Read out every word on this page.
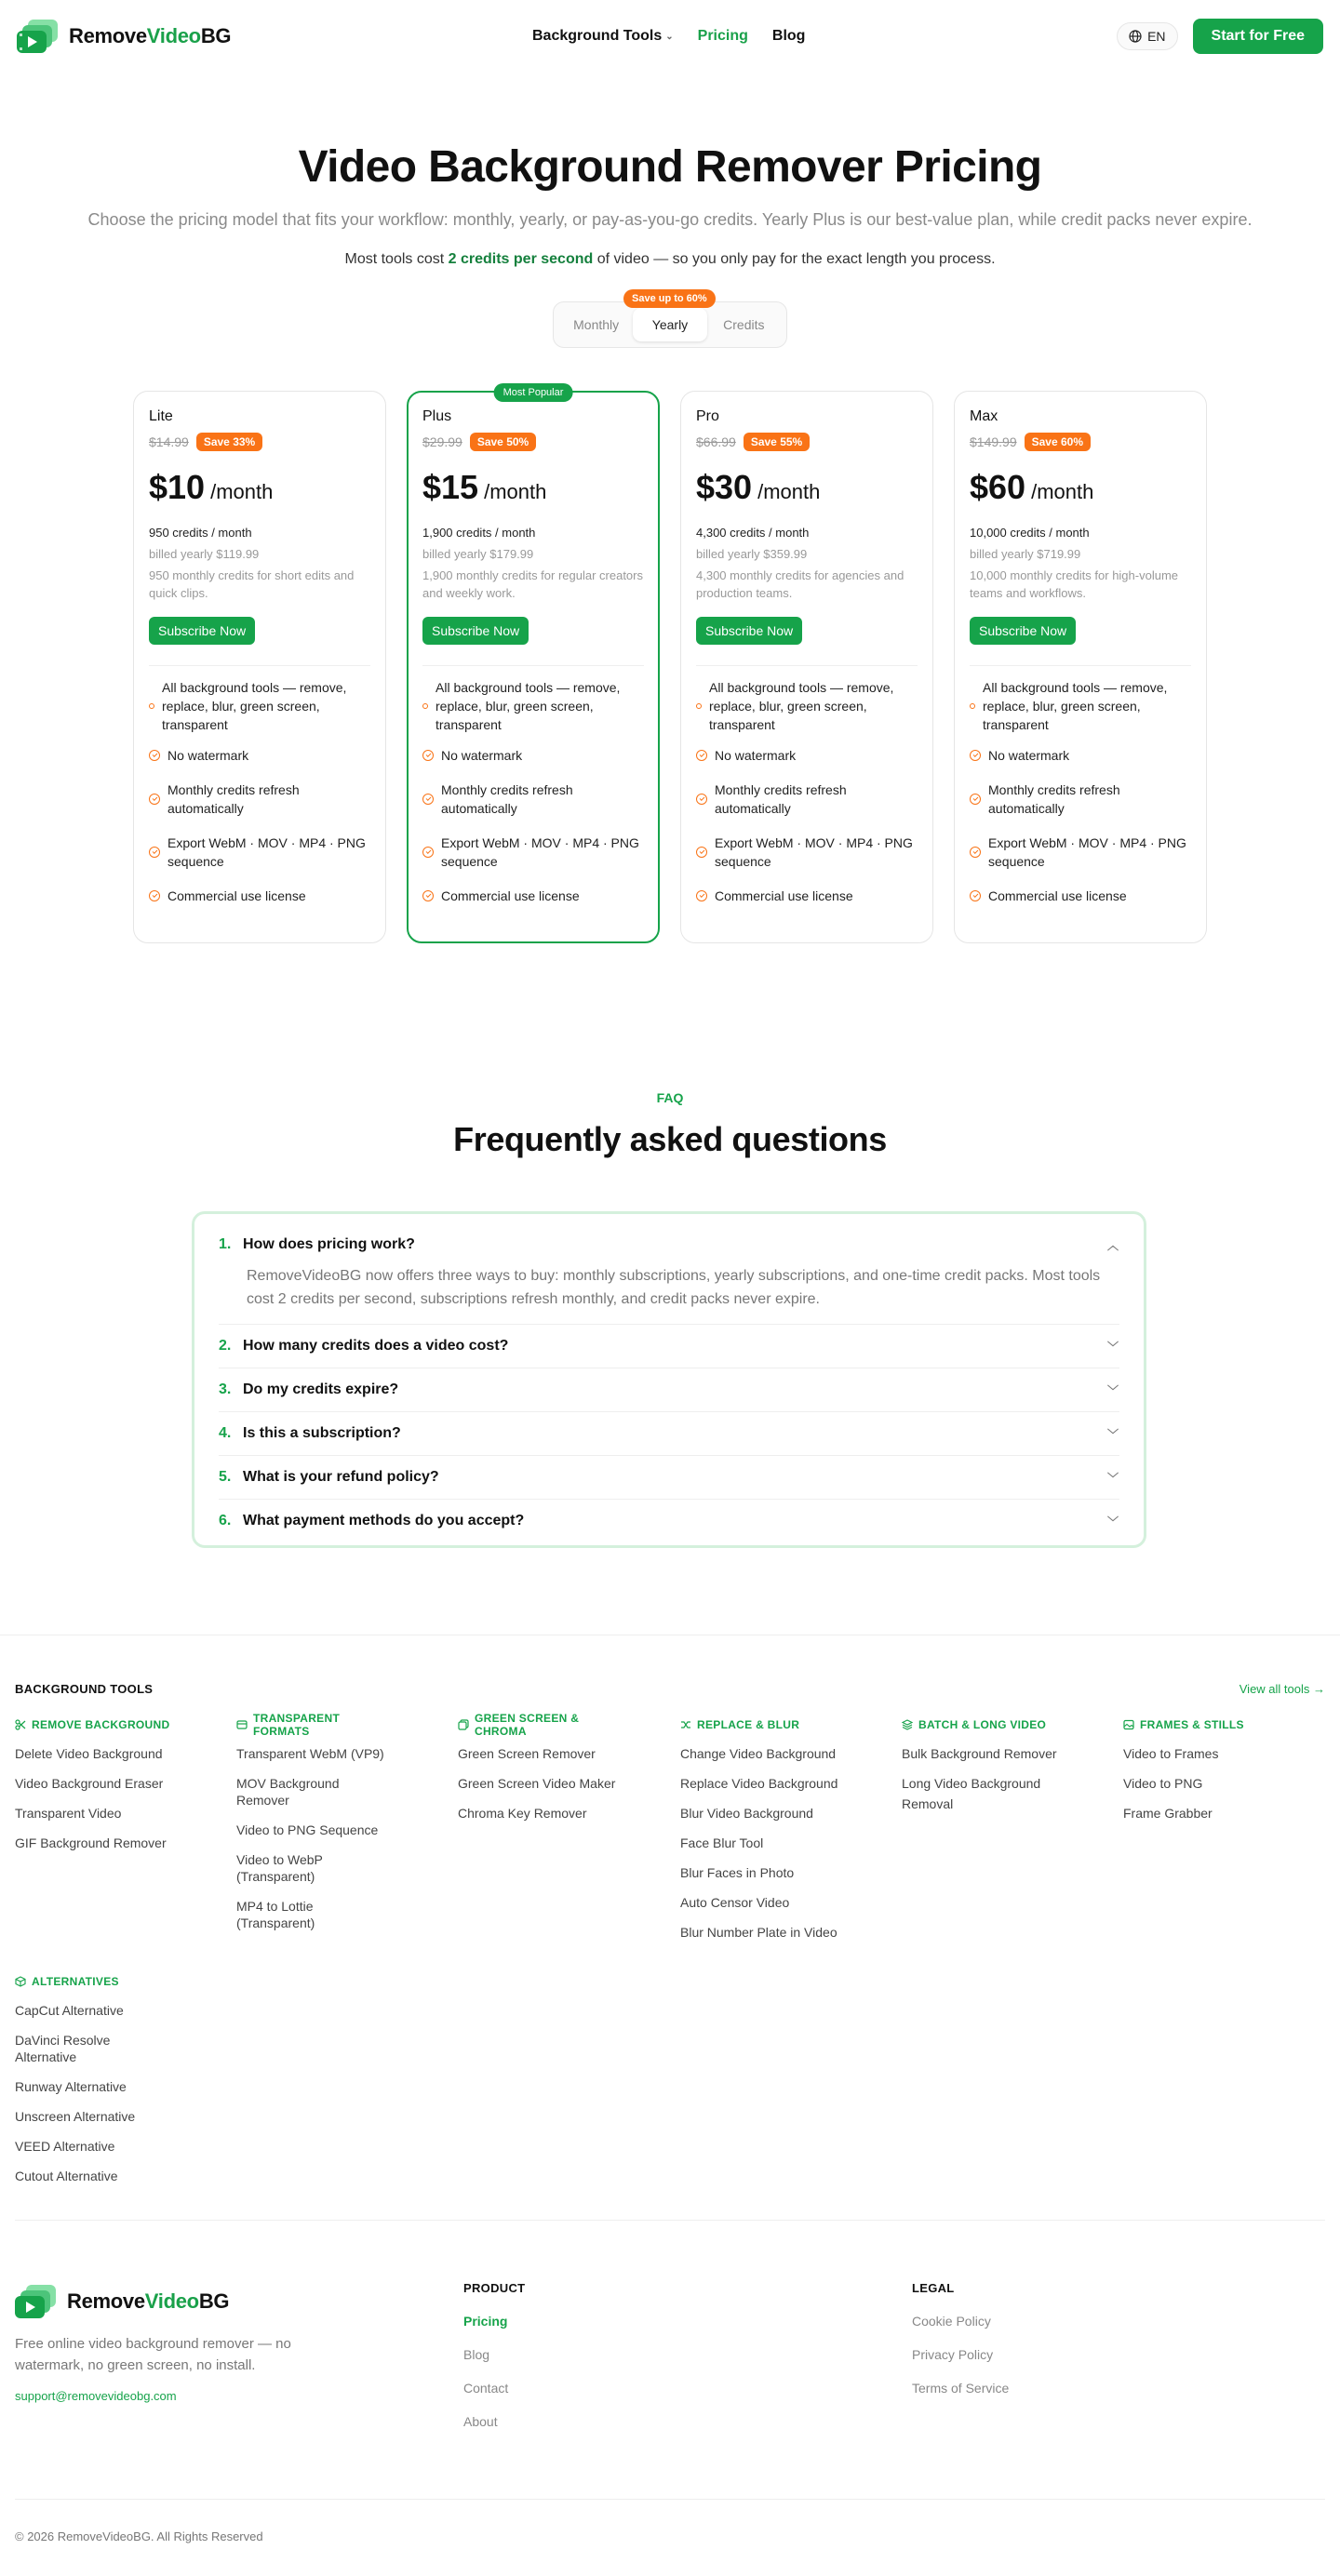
RemoveVideoBG	Background Tools ⌄ Pricing Blog	EN	Start for Free
Video Background Remover Pricing

Choose the pricing model that fits your workflow: monthly, yearly, or pay-as-you-go credits. Yearly Plus is our best-value plan, while credit packs never expire.

Most tools cost 2 credits per second of video — so you only pay for the exact length you process.

Monthly	Yearly	Credits
Save up to 60%
Lite
$14.99	Save 33%
$10 /month
950 credits / month
billed yearly $119.99
950 monthly credits for short edits and quick clips.
Subscribe Now
All background tools — remove, replace, blur, green screen, transparent
No watermark
Monthly credits refresh automatically
Export WebM · MOV · MP4 · PNG sequence
Commercial use license
Most Popular
Plus
$29.99	Save 50%
$15 /month
1,900 credits / month
billed yearly $179.99
1,900 monthly credits for regular creators and weekly work.
Subscribe Now
All background tools — remove, replace, blur, green screen, transparent
No watermark
Monthly credits refresh automatically
Export WebM · MOV · MP4 · PNG sequence
Commercial use license
Pro
$66.99	Save 55%
$30 /month
4,300 credits / month
billed yearly $359.99
4,300 monthly credits for agencies and production teams.
Subscribe Now
All background tools — remove, replace, blur, green screen, transparent
No watermark
Monthly credits refresh automatically
Export WebM · MOV · MP4 · PNG sequence
Commercial use license
Max
$149.99	Save 60%
$60 /month
10,000 credits / month
billed yearly $719.99
10,000 monthly credits for high-volume teams and workflows.
Subscribe Now
All background tools — remove, replace, blur, green screen, transparent
No watermark
Monthly credits refresh automatically
Export WebM · MOV · MP4 · PNG sequence
Commercial use license
FAQ
Frequently asked questions
1. How does pricing work?	︿
RemoveVideoBG now offers three ways to buy: monthly subscriptions, yearly subscriptions, and one-time credit packs. Most tools cost 2 credits per second, subscriptions refresh monthly, and credit packs never expire.
2. How many credits does a video cost?	﹀
3. Do my credits expire?	﹀
4. Is this a subscription?	﹀
5. What is your refund policy?	﹀
6. What payment methods do you accept?	﹀
BACKGROUND TOOLS	View all tools →
REMOVE BACKGROUND
Delete Video Background
Video Background Eraser
Transparent Video
GIF Background Remover
TRANSPARENT FORMATS
Transparent WebM (VP9)
MOV Background Remover
Video to PNG Sequence
Video to WebP (Transparent)
MP4 to Lottie (Transparent)
GREEN SCREEN & CHROMA
Green Screen Remover
Green Screen Video Maker
Chroma Key Remover
REPLACE & BLUR
Change Video Background
Replace Video Background
Blur Video Background
Face Blur Tool
Blur Faces in Photo
Auto Censor Video
Blur Number Plate in Video
BATCH & LONG VIDEO
Bulk Background Remover
Long Video Background Removal
FRAMES & STILLS
Video to Frames
Video to PNG
Frame Grabber
ALTERNATIVES
CapCut Alternative
DaVinci Resolve Alternative
Runway Alternative
Unscreen Alternative
VEED Alternative
Cutout Alternative
RemoveVideoBG

Free online video background remover — no watermark, no green screen, no install.

support@removevideobg.com
PRODUCT
Pricing
Blog
Contact
About
LEGAL
Cookie Policy
Privacy Policy
Terms of Service
© 2026 RemoveVideoBG. All Rights Reserved
